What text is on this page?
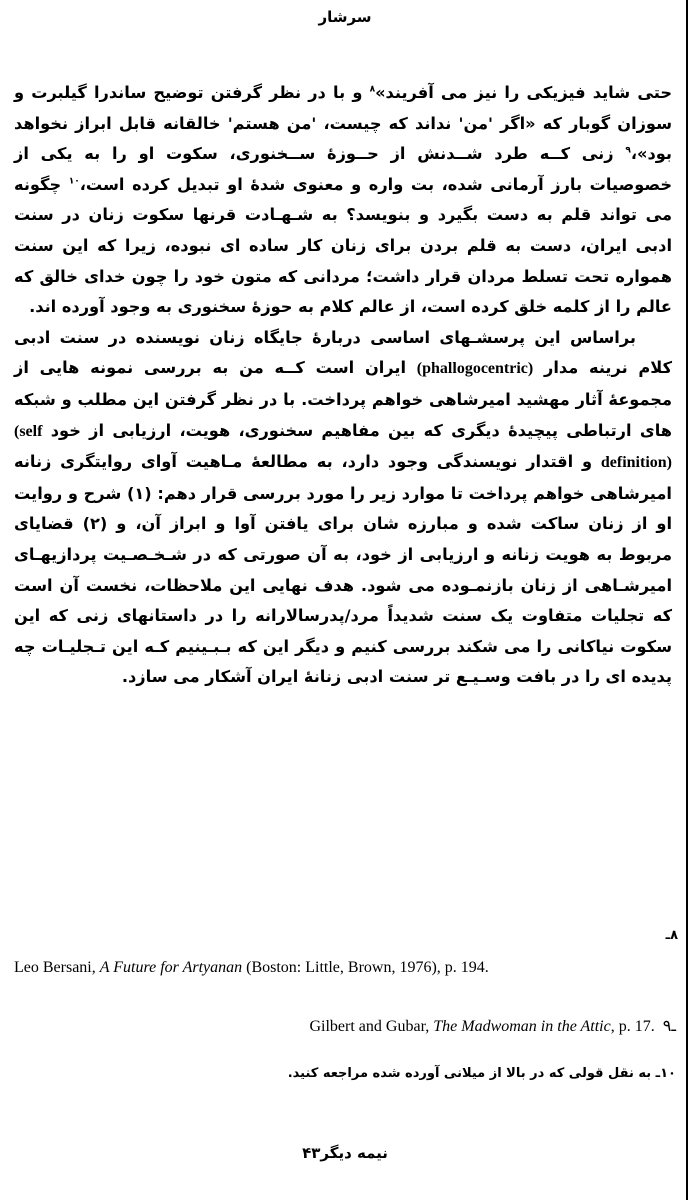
سرشار

حتی شاید فیزیکی را نیز می آفریند»$^۸$ و با در نظر گرفتن توضیح ساندرا گیلبرت و سوزان گوبار که «اگر 'من' نداند که چیست، 'من هستم' خالقانه قابل ابراز نخواهد بود»،$^۹$ زنی کــه طرد شــدنش از حــوزهٔ ســخنوری، سکوت او را به یکی از خصوصیات بارز آرمانی شده، بت واره و معنوی شدهٔ او تبدیل کرده است،$^{۱۰}$ چگونه می تواند قلم به دست بگیرد و بنویسد؟ به شـهـادت قرنها سکوت زنان در سنت ادبی ایران، دست به قلم بردن برای زنان کار ساده ای نبوده، زیرا که این سنت همواره تحت تسلط مردان قرار داشت؛ مردانی که متون خود را چون خدای خالق که عالم را از کلمه خلق کرده است، از عالم کلام به حوزهٔ سخنوری به وجود آورده اند.

براساس این پرسشـهای اساسی دربارهٔ جایگاه زنان نویسنده در سنت ادبی کلام نرینه مدار (phallogocentric) ایران است کــه من به بررسی نمونه هایی از مجموعهٔ آثار مهشید امیرشاهی خواهم پرداخت. با در نظر گرفتن این مطلب و شبکه های ارتباطی پیچیدهٔ دیگری که بین مفاهیم سخنوری، هویت، ارزیابی از خود (self definition) و اقتدار نویسندگی وجود دارد، به مطالعهٔ مـاهیت آوای روایتگری زنانه امیرشاهی خواهم پرداخت تا موارد زیر را مورد بررسی قرار دهم: (۱) شرح و روایت او از زنان ساکت شده و مبارزه شان برای یافتن آوا و ابراز آن، و (۲) قضایای مربوط به هویت زنانه و ارزیابی از خود، به آن صورتی که در شـخـصـیت پردازیهـای امیرشـاهی از زنان بازنمـوده می شود. هدف نهایی این ملاحظات، نخست آن است که تجلیات متفاوت یک سنت شدیداً مرد/پدرسالارانه را در داستانهای زنی که این سکوت نیاکانی را می شکند بررسی کنیم و دیگر این که بـبـینیم کـه این تـجلیـات چه پدیده ای را در بافت وسـیـع تر سنت ادبی زنانهٔ ایران آشکار می سازد.

۸ـ
Leo Bersani, A Future for Artyanan (Boston: Little, Brown, 1976), p. 194.
Gilbert and Gubar, The Madwoman in the Attic, p. 17. ـ۹
۱۰ـ به نقل قولی که در بالا از میلانی آورده شده مراجعه کنید.
نیمه دیگر۴۳
